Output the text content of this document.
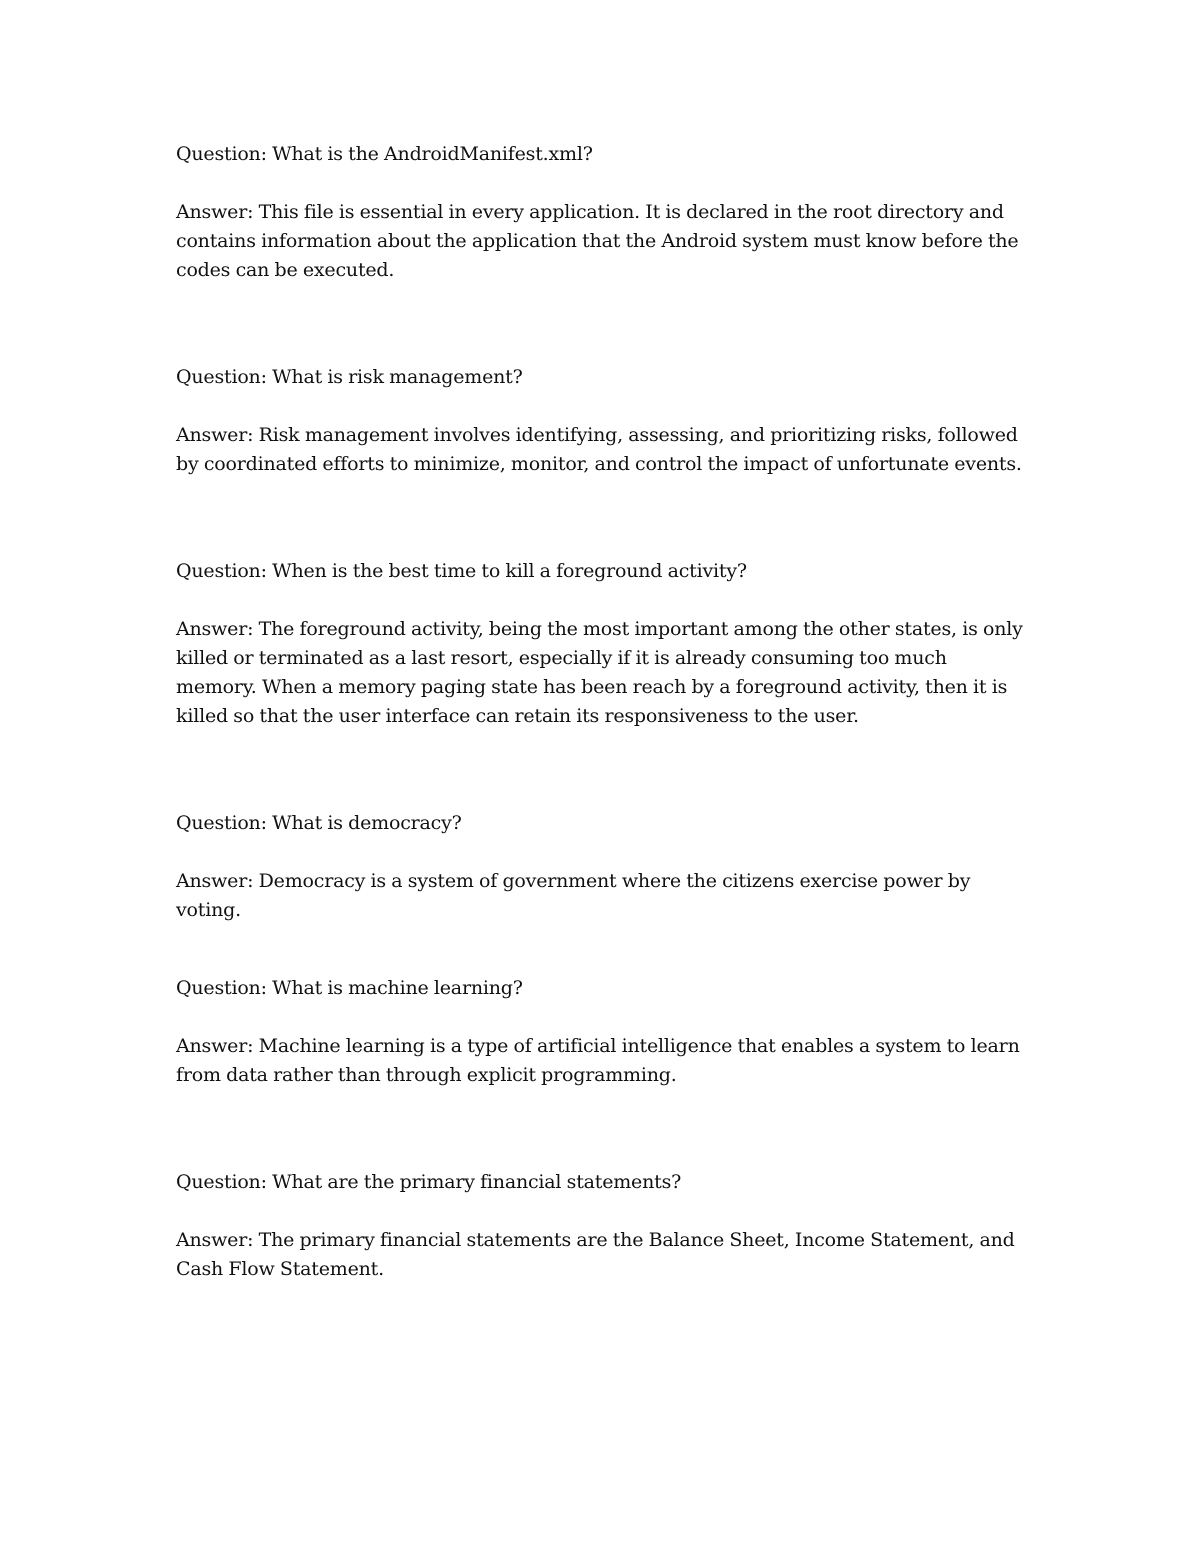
Question: What is the AndroidManifest.xml?

Answer: This file is essential in every application. It is declared in the root directory and contains information about the application that the Android system must know before the codes can be executed.

Question: What is risk management?

Answer: Risk management involves identifying, assessing, and prioritizing risks, followed by coordinated efforts to minimize, monitor, and control the impact of unfortunate events.

Question: When is the best time to kill a foreground activity?

Answer: The foreground activity, being the most important among the other states, is only killed or terminated as a last resort, especially if it is already consuming too much memory. When a memory paging state has been reach by a foreground activity, then it is killed so that the user interface can retain its responsiveness to the user.

Question: What is democracy?

Answer: Democracy is a system of government where the citizens exercise power by voting.

Question: What is machine learning?

Answer: Machine learning is a type of artificial intelligence that enables a system to learn from data rather than through explicit programming.

Question: What are the primary financial statements?

Answer: The primary financial statements are the Balance Sheet, Income Statement, and Cash Flow Statement.
